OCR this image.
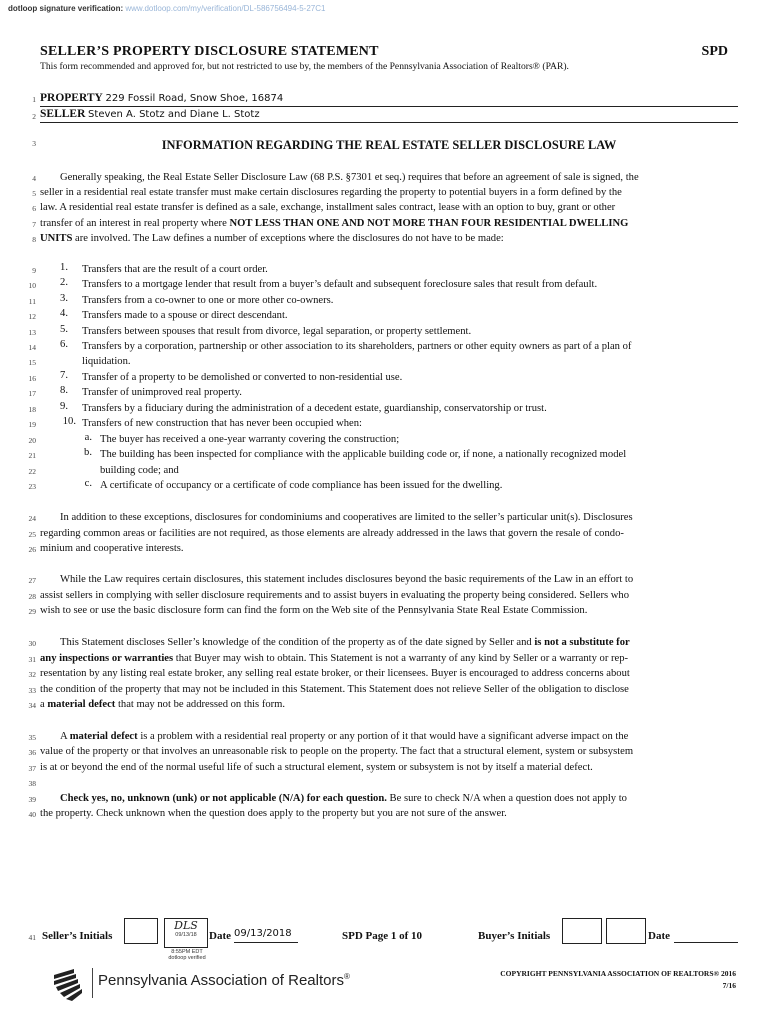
dotloop signature verification: www.dotloop.com/my/verification/DL-586756494-5-27C1
SELLER’S PROPERTY DISCLOSURE STATEMENT	SPD
This form recommended and approved for, but not restricted to use by, the members of the Pennsylvania Association of Realtors® (PAR).
1
2
3
4
5
6
7
8
9
10
11
12
13
14
15
16
17
18
19
20
21
22
23
24
25
26
27
28
29
30
31
32
33
34
35
36
37
38
39
40
41
PROPERTY 229 Fossil Road, Snow Shoe, 16874
SELLER Steven A. Stotz and Diane L. Stotz
INFORMATION REGARDING THE REAL ESTATE SELLER DISCLOSURE LAW
Generally speaking, the Real Estate Seller Disclosure Law (68 P.S. §7301 et seq.) requires that before an agreement of sale is signed, the
seller in a residential real estate transfer must make certain disclosures regarding the property to potential buyers in a form defined by the
law. A residential real estate transfer is defined as a sale, exchange, installment sales contract, lease with an option to buy, grant or other
transfer of an interest in real property where NOT LESS THAN ONE AND NOT MORE THAN FOUR RESIDENTIAL DWELLING
UNITS are involved. The Law defines a number of exceptions where the disclosures do not have to be made:
1. Transfers that are the result of a court order.
2. Transfers to a mortgage lender that result from a buyer’s default and subsequent foreclosure sales that result from default.
3. Transfers from a co-owner to one or more other co-owners.
4. Transfers made to a spouse or direct descendant.
5. Transfers between spouses that result from divorce, legal separation, or property settlement.
6. Transfers by a corporation, partnership or other association to its shareholders, partners or other equity owners as part of a plan of
liquidation.
7. Transfer of a property to be demolished or converted to non-residential use.
8. Transfer of unimproved real property.
9. Transfers by a fiduciary during the administration of a decedent estate, guardianship, conservatorship or trust.
10. Transfers of new construction that has never been occupied when:
a. The buyer has received a one-year warranty covering the construction;
b. The building has been inspected for compliance with the applicable building code or, if none, a nationally recognized model
building code; and
c. A certificate of occupancy or a certificate of code compliance has been issued for the dwelling.
In addition to these exceptions, disclosures for condominiums and cooperatives are limited to the seller’s particular unit(s). Disclosures
regarding common areas or facilities are not required, as those elements are already addressed in the laws that govern the resale of condo-
minium and cooperative interests.
While the Law requires certain disclosures, this statement includes disclosures beyond the basic requirements of the Law in an effort to
assist sellers in complying with seller disclosure requirements and to assist buyers in evaluating the property being considered. Sellers who
wish to see or use the basic disclosure form can find the form on the Web site of the Pennsylvania State Real Estate Commission.
This Statement discloses Seller’s knowledge of the condition of the property as of the date signed by Seller and is not a substitute for
any inspections or warranties that Buyer may wish to obtain. This Statement is not a warranty of any kind by Seller or a warranty or rep-
resentation by any listing real estate broker, any selling real estate broker, or their licensees. Buyer is encouraged to address concerns about
the condition of the property that may not be included in this Statement. This Statement does not relieve Seller of the obligation to disclose
a material defect that may not be addressed on this form.
A material defect is a problem with a residential real property or any portion of it that would have a significant adverse impact on the
value of the property or that involves an unreasonable risk to people on the property. The fact that a structural element, system or subsystem
is at or beyond the end of the normal useful life of such a structural element, system or subsystem is not by itself a material defect.
Check yes, no, unknown (unk) or not applicable (N/A) for each question. Be sure to check N/A when a question does not apply to
the property. Check unknown when the question does apply to the property but you are not sure of the answer.
Seller’s Initials
DLS
09/13/18
8:55PM EDT
dotloop verified
Date 09/13/2018	SPD Page 1 of 10	Buyer’s Initials	Date
Pennsylvania Association of Realtors®	COPYRIGHT PENNSYLVANIA ASSOCIATION OF REALTORS® 2016
7/16
